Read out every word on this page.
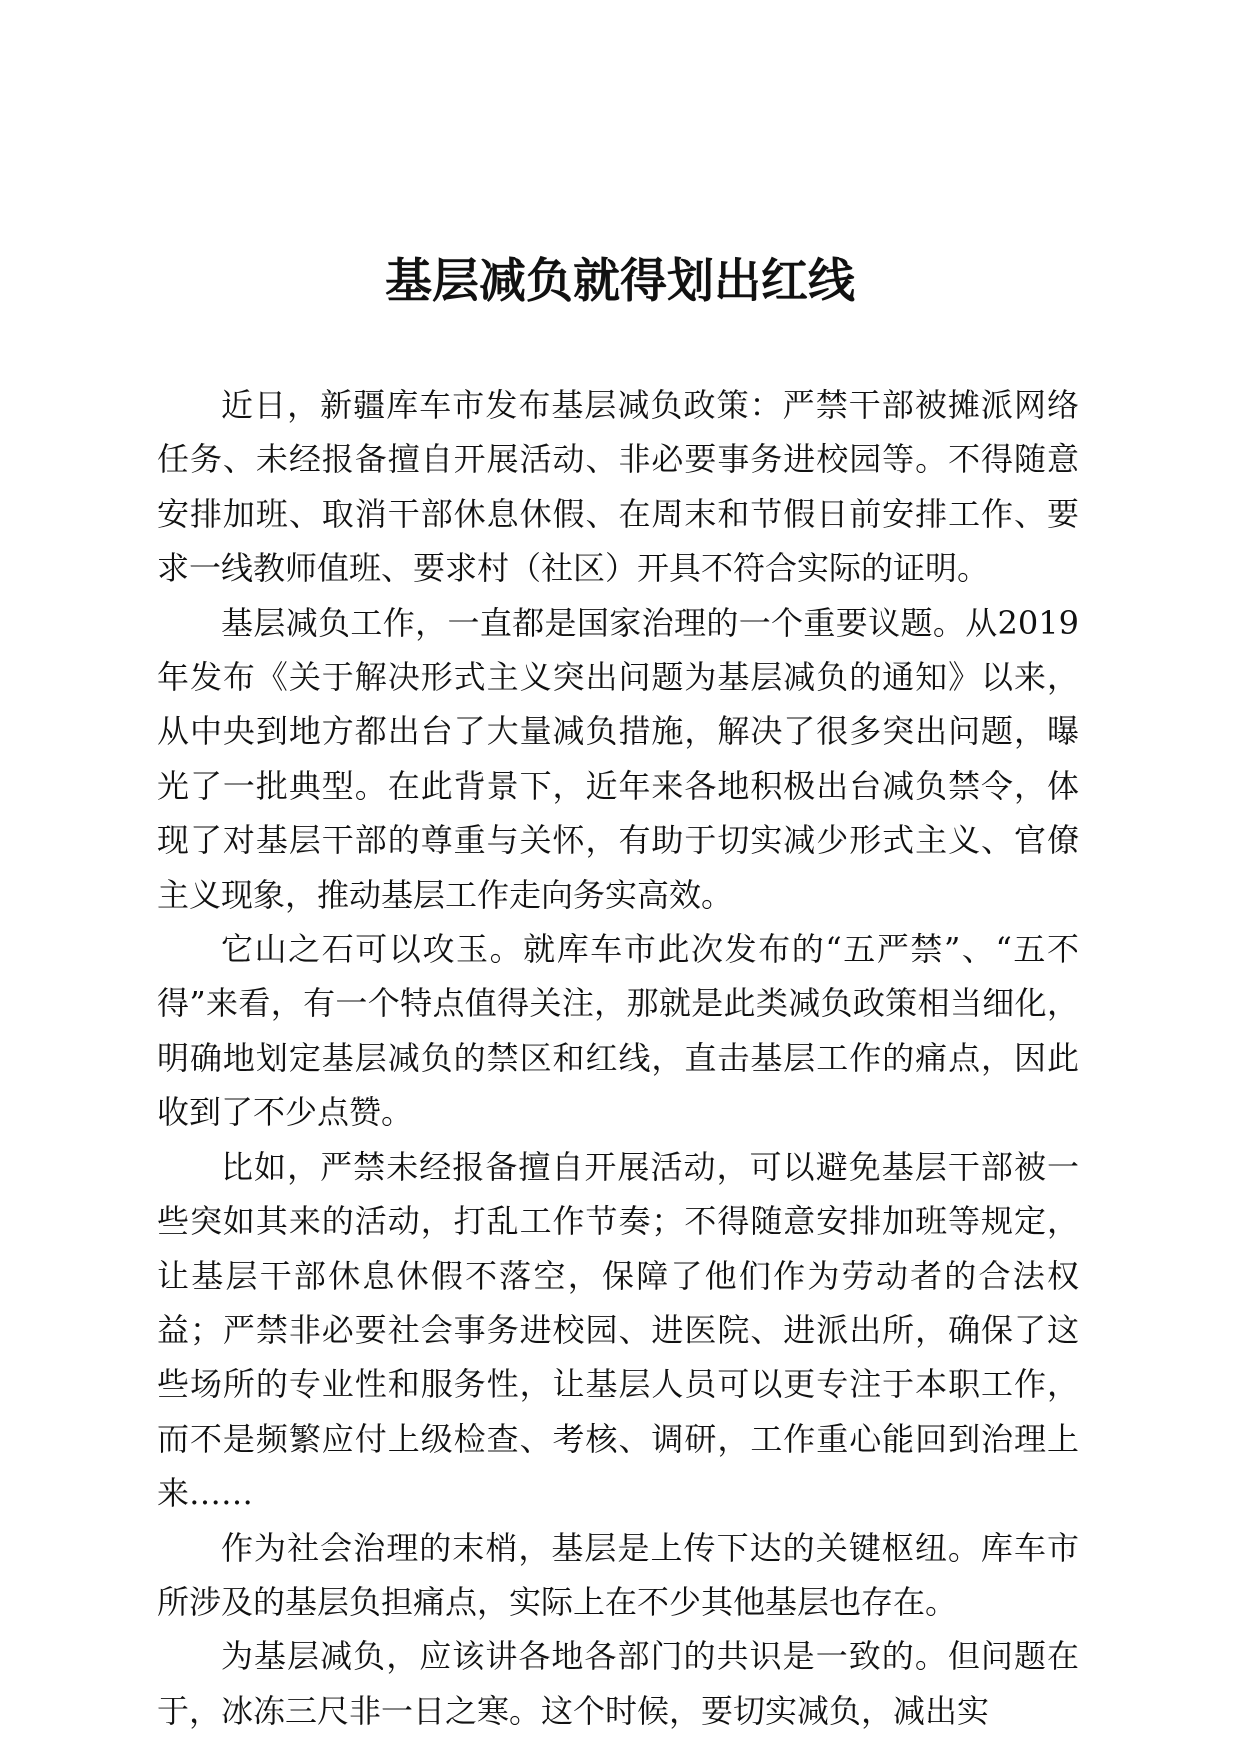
基层减负就得划出红线

近日，新疆库车市发布基层减负政策：严禁干部被摊派网络任务、未经报备擅自开展活动、非必要事务进校园等。不得随意安排加班、取消干部休息休假、在周末和节假日前安排工作、要求一线教师值班、要求村（社区）开具不符合实际的证明。

基层减负工作，一直都是国家治理的一个重要议题。从2019年发布《关于解决形式主义突出问题为基层减负的通知》以来，从中央到地方都出台了大量减负措施，解决了很多突出问题，曝光了一批典型。在此背景下，近年来各地积极出台减负禁令，体现了对基层干部的尊重与关怀，有助于切实减少形式主义、官僚主义现象，推动基层工作走向务实高效。

它山之石可以攻玉。就库车市此次发布的“五严禁”、“五不得”来看，有一个特点值得关注，那就是此类减负政策相当细化，明确地划定基层减负的禁区和红线，直击基层工作的痛点，因此收到了不少点赞。

比如，严禁未经报备擅自开展活动，可以避免基层干部被一些突如其来的活动，打乱工作节奏；不得随意安排加班等规定，让基层干部休息休假不落空，保障了他们作为劳动者的合法权益；严禁非必要社会事务进校园、进医院、进派出所，确保了这些场所的专业性和服务性，让基层人员可以更专注于本职工作，而不是频繁应付上级检查、考核、调研，工作重心能回到治理上来……

作为社会治理的末梢，基层是上传下达的关键枢纽。库车市所涉及的基层负担痛点，实际上在不少其他基层也存在。

为基层减负，应该讲各地各部门的共识是一致的。但问题在于，冰冻三尺非一日之寒。这个时候，要切实减负，减出实
